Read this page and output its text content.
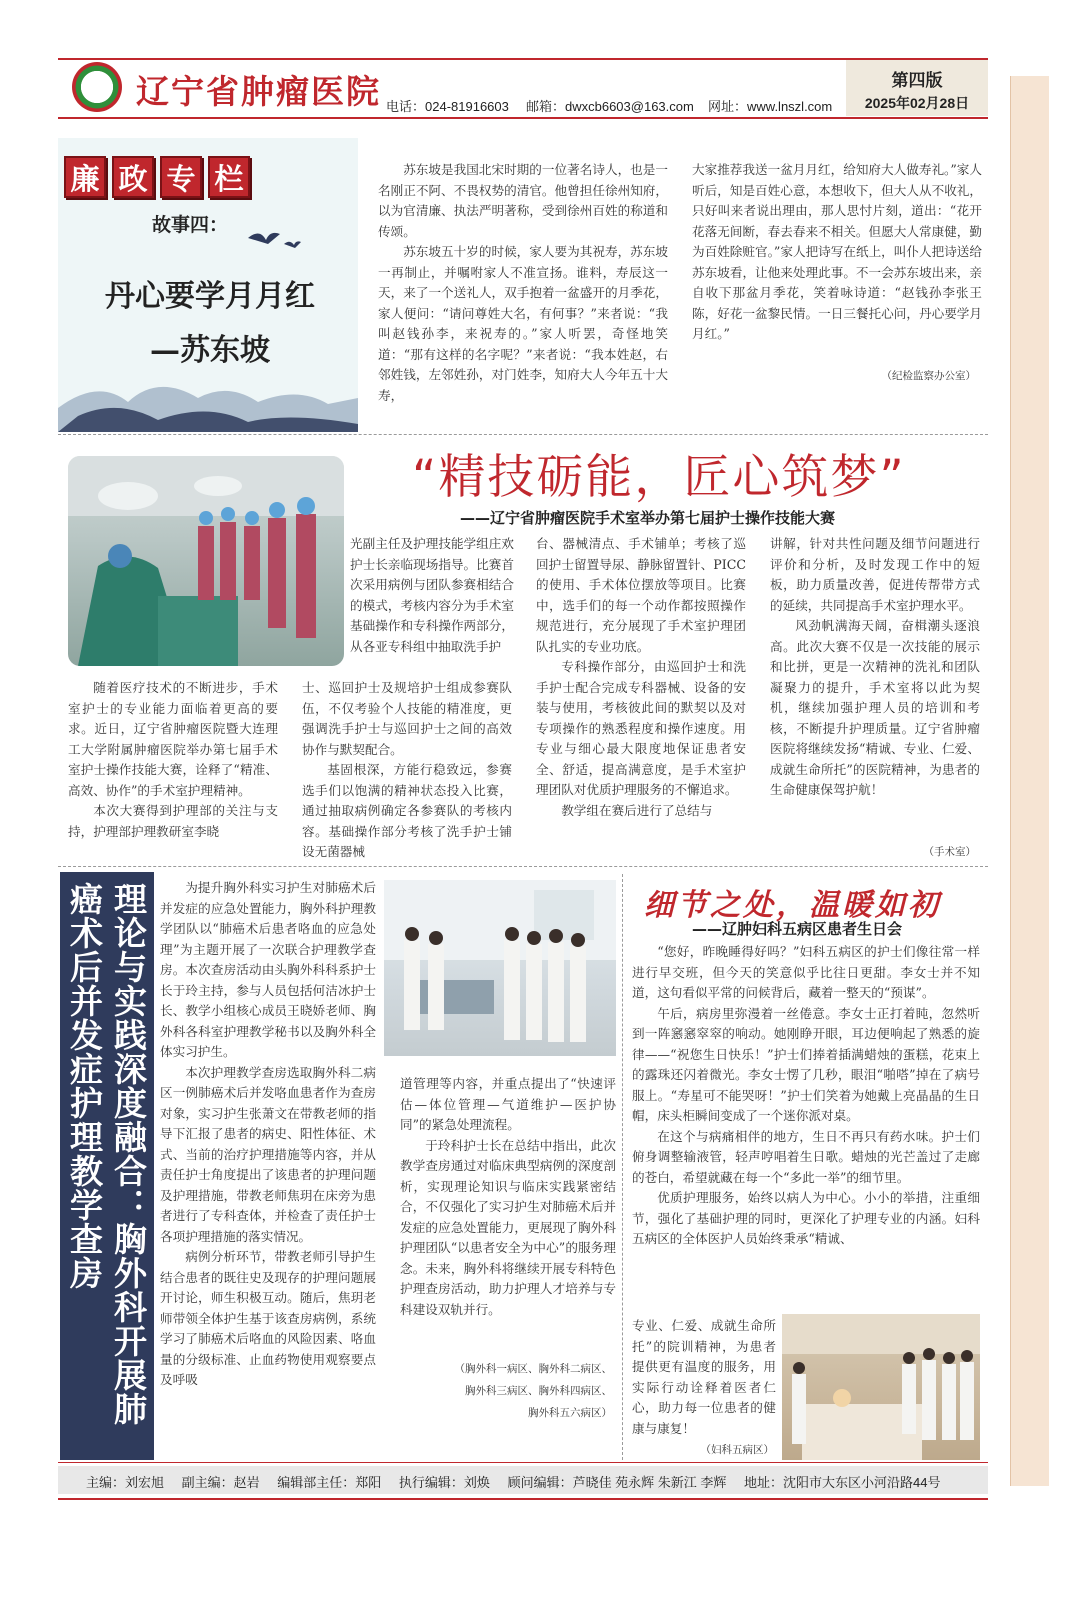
辽宁省肿瘤医院 电话：024-81916603 邮箱：dwxcb6603@163.com 网址：www.lnszl.com
第四版
2025年02月28日
廉 政 专 栏
故事四：
丹心要学月月红
—苏东坡

苏东坡是我国北宋时期的一位著名诗人，也是一名刚正不阿、不畏权势的清官。他曾担任徐州知府，以为官清廉、执法严明著称，受到徐州百姓的称道和传颂。

苏东坡五十岁的时候，家人要为其祝寿，苏东坡一再制止，并嘱咐家人不准宣扬。谁料，寿辰这一天，来了一个送礼人，双手抱着一盆盛开的月季花，家人便问：“请问尊姓大名，有何事？”来者说：“我叫赵钱孙李，来祝寿的。”家人听罢，奇怪地笑道：“那有这样的名字呢？”来者说：“我本姓赵，右邻姓钱，左邻姓孙，对门姓李，知府大人今年五十大寿，

大家推荐我送一盆月月红，给知府大人做寿礼。”家人听后，知是百姓心意，本想收下，但大人从不收礼，只好叫来者说出理由，那人思忖片刻，道出：“花开花落无间断，春去春来不相关。但愿大人常康健，勤为百姓除赃官。”家人把诗写在纸上，叫仆人把诗送给苏东坡看，让他来处理此事。不一会苏东坡出来，亲自收下那盆月季花，笑着咏诗道：“赵钱孙李张王陈，好花一盆黎民情。一日三餐托心问，丹心要学月月红。”

（纪检监察办公室）
“精技砺能，匠心筑梦”
——辽宁省肿瘤医院手术室举办第七届护士操作技能大赛

光副主任及护理技能学组庄欢护士长亲临现场指导。比赛首次采用病例与团队参赛相结合的模式，考核内容分为手术室基础操作和专科操作两部分，从各亚专科组中抽取洗手护

随着医疗技术的不断进步，手术室护士的专业能力面临着更高的要求。近日，辽宁省肿瘤医院暨大连理工大学附属肿瘤医院举办第七届手术室护士操作技能大赛，诠释了“精准、高效、协作”的手术室护理精神。

本次大赛得到护理部的关注与支持，护理部护理教研室李晓

士、巡回护士及规培护士组成参赛队伍，不仅考验个人技能的精准度，更强调洗手护士与巡回护士之间的高效协作与默契配合。

基固根深，方能行稳致远，参赛选手们以饱满的精神状态投入比赛，通过抽取病例确定各参赛队的考核内容。基础操作部分考核了洗手护士铺设无菌器械

台、器械清点、手术铺单；考核了巡回护士留置导尿、静脉留置针、PICC的使用、手术体位摆放等项目。比赛中，选手们的每一个动作都按照操作规范进行，充分展现了手术室护理团队扎实的专业功底。

专科操作部分，由巡回护士和洗手护士配合完成专科器械、设备的安装与使用，考核彼此间的默契以及对专项操作的熟悉程度和操作速度。用专业与细心最大限度地保证患者安全、舒适，提高满意度，是手术室护理团队对优质护理服务的不懈追求。

教学组在赛后进行了总结与

讲解，针对共性问题及细节问题进行评价和分析，及时发现工作中的短板，助力质量改善，促进传帮带方式的延续，共同提高手术室护理水平。

风劲帆满海天阔，奋楫潮头逐浪高。此次大赛不仅是一次技能的展示和比拼，更是一次精神的洗礼和团队凝聚力的提升，手术室将以此为契机，继续加强护理人员的培训和考核，不断提升护理质量。辽宁省肿瘤医院将继续发扬“精诚、专业、仁爱、成就生命所托”的医院精神，为患者的生命健康保驾护航！

（手术室）
理论与实践深度融合：胸外科开展肺癌术后并发症护理教学查房	为提升胸外科实习护生对肺癌术后并发症的应急处置能力，胸外科护理教学团队以“肺癌术后患者咯血的应急处理”为主题开展了一次联合护理教学查房。本次查房活动由头胸外科科系护士长于玲主持，参与人员包括何洁冰护士长、教学小组核心成员王晓娇老师、胸外科各科室护理教学秘书以及胸外科全体实习护生。

本次护理教学查房选取胸外科二病区一例肺癌术后并发咯血患者作为查房对象，实习护生张萧文在带教老师的指导下汇报了患者的病史、阳性体征、术式、当前的治疗护理措施等内容，并从责任护士角度提出了该患者的护理问题及护理措施，带教老师焦玥在床旁为患者进行了专科查体，并检查了责任护士各项护理措施的落实情况。

病例分析环节，带教老师引导护生结合患者的既往史及现存的护理问题展开讨论，师生积极互动。随后，焦玥老师带领全体护生基于该查房病例，系统学习了肺癌术后咯血的风险因素、咯血量的分级标准、止血药物使用观察要点及呼吸

道管理等内容，并重点提出了“快速评估—体位管理—气道维护—医护协同”的紧急处理流程。

于玲科护士长在总结中指出，此次教学查房通过对临床典型病例的深度剖析，实现理论知识与临床实践紧密结合，不仅强化了实习护生对肺癌术后并发症的应急处置能力，更展现了胸外科护理团队“以患者安全为中心”的服务理念。未来，胸外科将继续开展专科特色护理查房活动，助力护理人才培养与专科建设双轨并行。

（胸外科一病区、胸外科二病区、
胸外科三病区、胸外科四病区、
胸外科五六病区）
细节之处，温暖如初
——辽肿妇科五病区患者生日会

“您好，昨晚睡得好吗？”妇科五病区的护士们像往常一样进行早交班，但今天的笑意似乎比往日更甜。李女士并不知道，这句看似平常的问候背后，藏着一整天的“预谋”。

午后，病房里弥漫着一丝倦意。李女士正打着盹，忽然听到一阵窸窸窣窣的响动。她刚睁开眼，耳边便响起了熟悉的旋律——“祝您生日快乐！”护士们捧着插满蜡烛的蛋糕，花束上的露珠还闪着微光。李女士愣了几秒，眼泪“啪嗒”掉在了病号服上。“寿星可不能哭呀！”护士们笑着为她戴上亮晶晶的生日帽，床头柜瞬间变成了一个迷你派对桌。

在这个与病痛相伴的地方，生日不再只有药水味。护士们俯身调整输液管，轻声哼唱着生日歌。蜡烛的光芒盖过了走廊的苍白，希望就藏在每一个“多此一举”的细节里。

优质护理服务，始终以病人为中心。小小的举措，注重细节，强化了基础护理的同时，更深化了护理专业的内涵。妇科五病区的全体医护人员始终秉承“精诚、

专业、仁爱、成就生命所托”的院训精神，为患者提供更有温度的服务，用实际行动诠释着医者仁心，助力每一位患者的健康与康复！

（妇科五病区）
主编：刘宏旭 副主编：赵岩 编辑部主任：郑阳 执行编辑：刘焕 顾问编辑：芦晓佳 苑永辉 朱新江 李辉 地址：沈阳市大东区小河沿路44号
